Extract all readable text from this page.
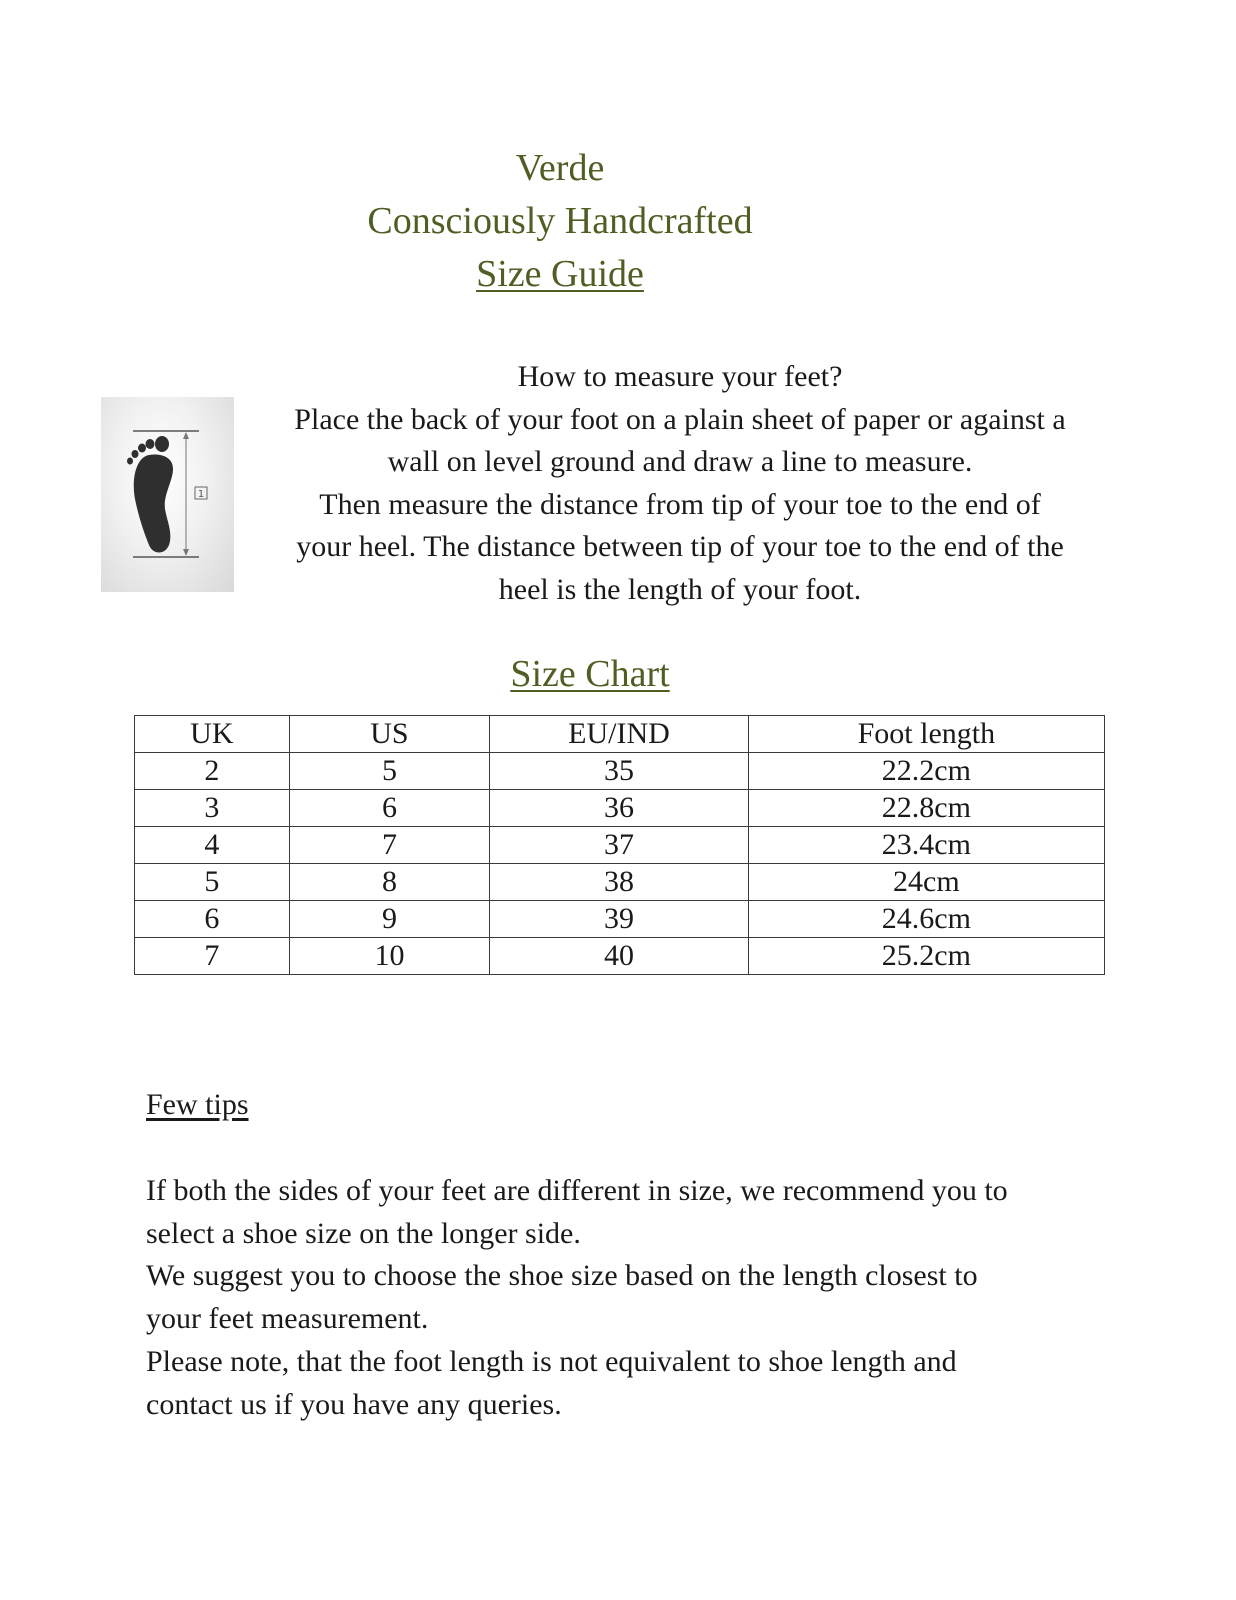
Verde
Consciously Handcrafted
Size Guide
1
How to measure your feet?
Place the back of your foot on a plain sheet of paper or against a
wall on level ground and draw a line to measure.
Then measure the distance from tip of your toe to the end of
your heel. The distance between tip of your toe to the end of the
heel is the length of your foot.
Size Chart
UK	US	EU/IND	Foot length
2	5	35	22.2cm
3	6	36	22.8cm
4	7	37	23.4cm
5	8	38	24cm
6	9	39	24.6cm
7	10	40	25.2cm
Few tips
If both the sides of your feet are different in size, we recommend you to
select a shoe size on the longer side.
We suggest you to choose the shoe size based on the length closest to
your feet measurement.
Please note, that the foot length is not equivalent to shoe length and
contact us if you have any queries.
